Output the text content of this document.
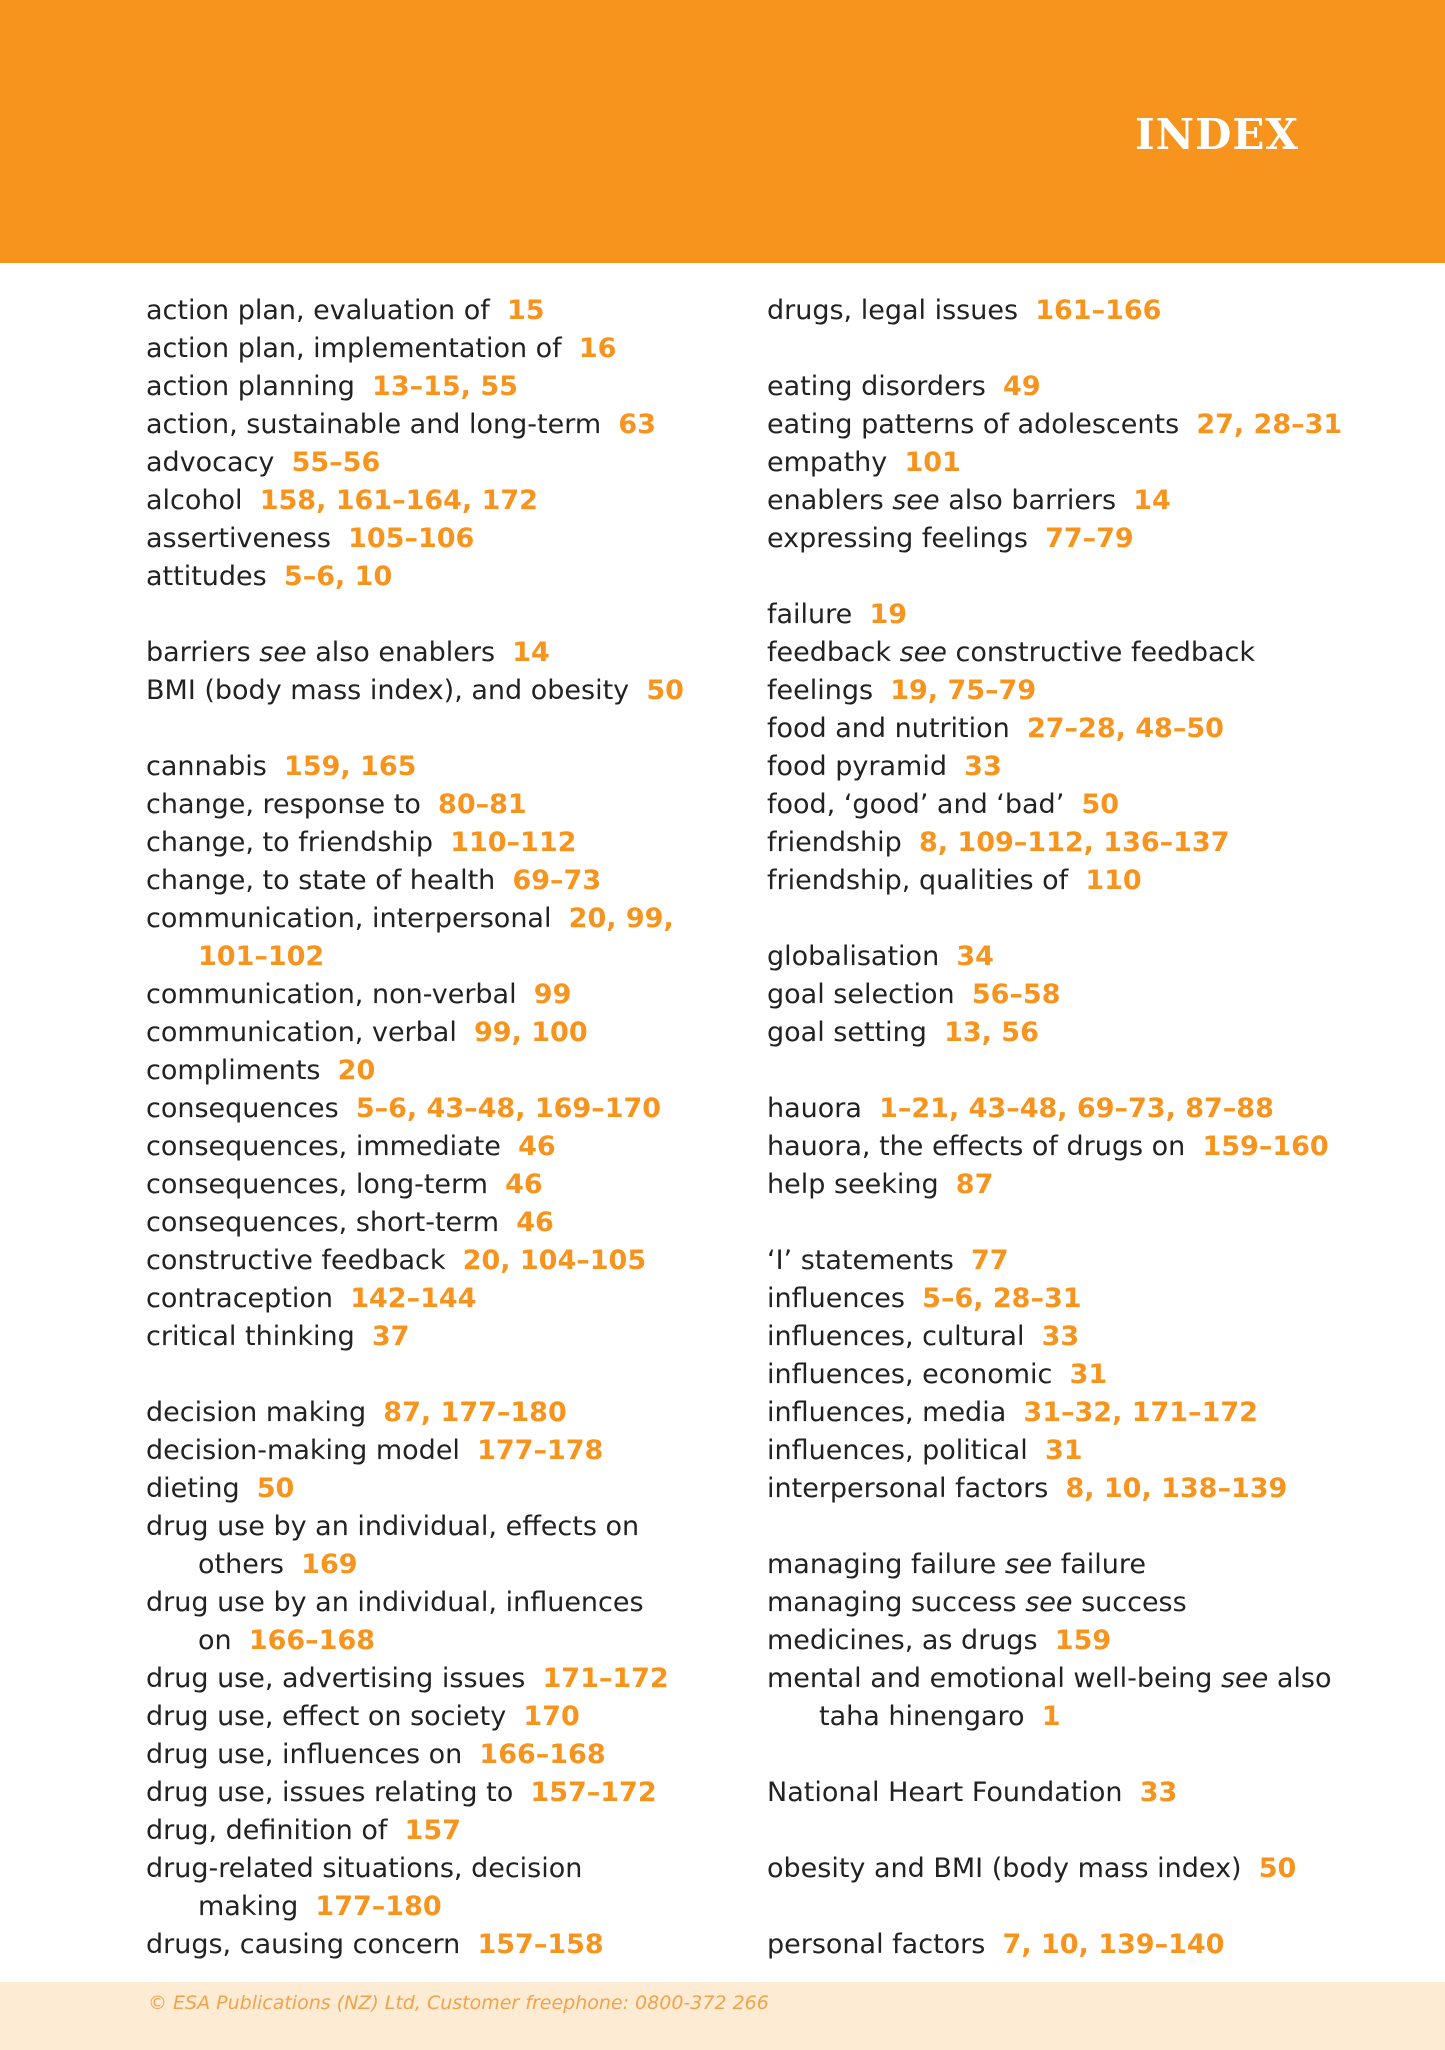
INDEX
action plan, evaluation of 15
action plan, implementation of 16
action planning 13–15, 55
action, sustainable and long-term 63
advocacy 55–56
alcohol 158, 161–164, 172
assertiveness 105–106
attitudes 5–6, 10
barriers see also enablers 14
BMI (body mass index), and obesity 50
cannabis 159, 165
change, response to 80–81
change, to friendship 110–112
change, to state of health 69–73
communication, interpersonal 20, 99,
101–102
communication, non-verbal 99
communication, verbal 99, 100
compliments 20
consequences 5–6, 43–48, 169–170
consequences, immediate 46
consequences, long-term 46
consequences, short-term 46
constructive feedback 20, 104–105
contraception 142–144
critical thinking 37
decision making 87, 177–180
decision-making model 177–178
dieting 50
drug use by an individual, effects on
others 169
drug use by an individual, influences
on 166–168
drug use, advertising issues 171–172
drug use, effect on society 170
drug use, influences on 166–168
drug use, issues relating to 157–172
drug, definition of 157
drug-related situations, decision
making 177–180
drugs, causing concern 157–158
drugs, legal issues 161–166
eating disorders 49
eating patterns of adolescents 27, 28–31
empathy 101
enablers see also barriers 14
expressing feelings 77–79
failure 19
feedback see constructive feedback
feelings 19, 75–79
food and nutrition 27–28, 48–50
food pyramid 33
food, ‘good’ and ‘bad’ 50
friendship 8, 109–112, 136–137
friendship, qualities of 110
globalisation 34
goal selection 56–58
goal setting 13, 56
hauora 1–21, 43–48, 69–73, 87–88
hauora, the effects of drugs on 159–160
help seeking 87
‘I’ statements 77
influences 5–6, 28–31
influences, cultural 33
influences, economic 31
influences, media 31–32, 171–172
influences, political 31
interpersonal factors 8, 10, 138–139
managing failure see failure
managing success see success
medicines, as drugs 159
mental and emotional well-being see also
taha hinengaro 1
National Heart Foundation 33
obesity and BMI (body mass index) 50
personal factors 7, 10, 139–140
© ESA Publications (NZ) Ltd, Customer freephone: 0800-372 266
